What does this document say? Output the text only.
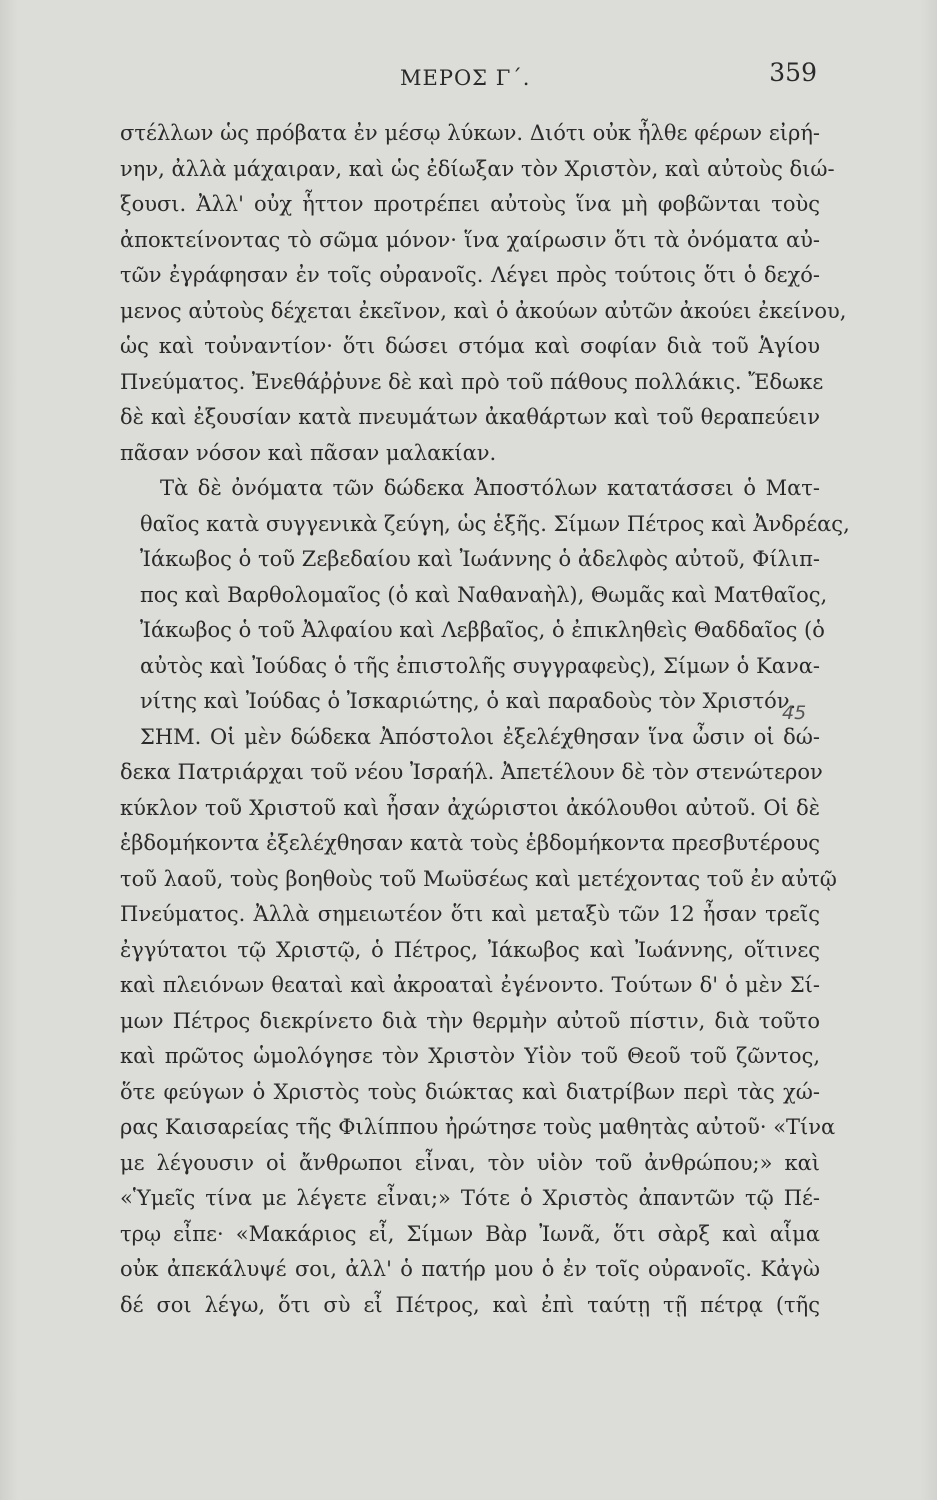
ΜΕΡΟΣ Γ΄.	359

στέλλων ὡς πρόβατα ἐν μέσῳ λύκων. Διότι οὐκ ἦλθε φέρων εἰρή-
νην, ἀλλὰ μάχαιραν, καὶ ὡς ἐδίωξαν τὸν Χριστὸν, καὶ αὐτοὺς διώ-
ξουσι. Ἀλλ' οὐχ ἧττον προτρέπει αὐτοὺς ἵνα μὴ φοβῶνται τοὺς
ἀποκτείνοντας τὸ σῶμα μόνον· ἵνα χαίρωσιν ὅτι τὰ ὀνόματα αὐ-
τῶν ἐγράφησαν ἐν τοῖς οὐρανοῖς. Λέγει πρὸς τούτοις ὅτι ὁ δεχό-
μενος αὐτοὺς δέχεται ἐκεῖνον, καὶ ὁ ἀκούων αὐτῶν ἀκούει ἐκείνου,
ὡς καὶ τοὐναντίον· ὅτι δώσει στόμα καὶ σοφίαν διὰ τοῦ Ἁγίου
Πνεύματος. Ἐνεθάῤῥυνε δὲ καὶ πρὸ τοῦ πάθους πολλάκις. Ἔδωκε
δὲ καὶ ἐξουσίαν κατὰ πνευμάτων ἀκαθάρτων καὶ τοῦ θεραπεύειν
πᾶσαν νόσον καὶ πᾶσαν μαλακίαν.

Τὰ δὲ ὀνόματα τῶν δώδεκα Ἀποστόλων κατατάσσει ὁ Ματ-
θαῖος κατὰ συγγενικὰ ζεύγη, ὡς ἑξῆς. Σίμων Πέτρος καὶ Ἀνδρέας,
Ἰάκωβος ὁ τοῦ Ζεβεδαίου καὶ Ἰωάννης ὁ ἀδελφὸς αὐτοῦ, Φίλιπ-
πος καὶ Βαρθολομαῖος (ὁ καὶ Ναθαναὴλ), Θωμᾶς καὶ Ματθαῖος,
Ἰάκωβος ὁ τοῦ Ἀλφαίου καὶ Λεββαῖος, ὁ ἐπικληθεὶς Θαδδαῖος (ὁ
αὐτὸς καὶ Ἰούδας ὁ τῆς ἐπιστολῆς συγγραφεὺς), Σίμων ὁ Κανα-
νίτης καὶ Ἰούδας ὁ Ἰσκαριώτης, ὁ καὶ παραδοὺς τὸν Χριστόν.

ΣΗΜ. Οἱ μὲν δώδεκα Ἀπόστολοι ἐξελέχθησαν ἵνα ὦσιν οἱ δώ-
δεκα Πατριάρχαι τοῦ νέου Ἰσραήλ. Ἀπετέλουν δὲ τὸν στενώτερον
κύκλον τοῦ Χριστοῦ καὶ ἦσαν ἀχώριστοι ἀκόλουθοι αὐτοῦ. Οἱ δὲ
ἑβδομήκοντα ἐξελέχθησαν κατὰ τοὺς ἑβδομήκοντα πρεσβυτέρους
τοῦ λαοῦ, τοὺς βοηθοὺς τοῦ Μωϋσέως καὶ μετέχοντας τοῦ ἐν αὐτῷ
Πνεύματος. Ἀλλὰ σημειωτέον ὅτι καὶ μεταξὺ τῶν 12 ἦσαν τρεῖς
ἐγγύτατοι τῷ Χριστῷ, ὁ Πέτρος, Ἰάκωβος καὶ Ἰωάννης, οἵτινες
καὶ πλειόνων θεαταὶ καὶ ἀκροαταὶ ἐγένοντο. Τούτων δ' ὁ μὲν Σί-
μων Πέτρος διεκρίνετο διὰ τὴν θερμὴν αὐτοῦ πίστιν, διὰ τοῦτο
καὶ πρῶτος ὡμολόγησε τὸν Χριστὸν Υἱὸν τοῦ Θεοῦ τοῦ ζῶντος,
ὅτε φεύγων ὁ Χριστὸς τοὺς διώκτας καὶ διατρίβων περὶ τὰς χώ-
ρας Καισαρείας τῆς Φιλίππου ἠρώτησε τοὺς μαθητὰς αὐτοῦ· «Τίνα
με λέγουσιν οἱ ἄνθρωποι εἶναι, τὸν υἱὸν τοῦ ἀνθρώπου;» καὶ
«Ὑμεῖς τίνα με λέγετε εἶναι;» Τότε ὁ Χριστὸς ἀπαντῶν τῷ Πέ-
τρῳ εἶπε· «Μακάριος εἶ, Σίμων Βὰρ Ἰωνᾶ, ὅτι σὰρξ καὶ αἷμα
οὐκ ἀπεκάλυψέ σοι, ἀλλ' ὁ πατήρ μου ὁ ἐν τοῖς οὐρανοῖς. Κἀγὼ
δέ σοι λέγω, ὅτι σὺ εἶ Πέτρος, καὶ ἐπὶ ταύτῃ τῇ πέτρᾳ (τῆς

45
